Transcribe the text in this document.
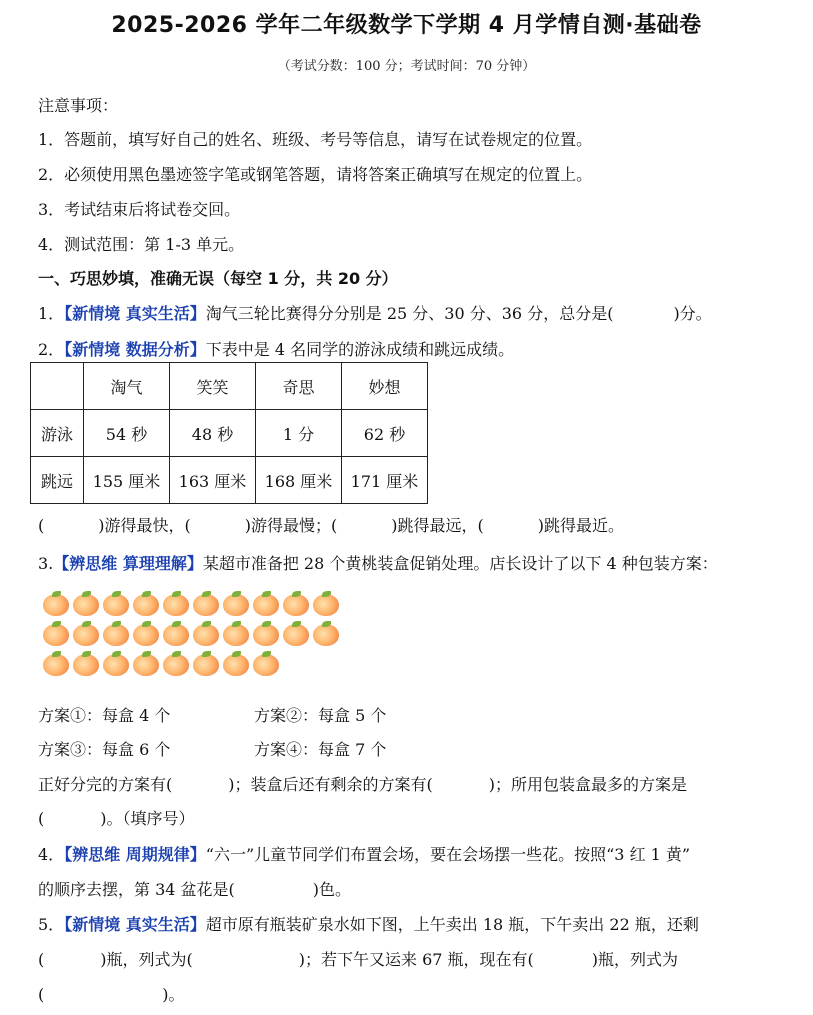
2025-2026 学年二年级数学下学期 4 月学情自测·基础卷
（考试分数：100 分；考试时间：70 分钟）
注意事项：
1．答题前，填写好自己的姓名、班级、考号等信息，请写在试卷规定的位置。
2．必须使用黑色墨迹签字笔或钢笔答题，请将答案正确填写在规定的位置上。
3．考试结束后将试卷交回。
4．测试范围：第 1-3 单元。
一、巧思妙填，准确无误（每空 1 分，共 20 分）
1．【新情境 真实生活】淘气三轮比赛得分分别是 25 分、30 分、36 分，总分是(	)分。
2．【新情境 数据分析】下表中是 4 名同学的游泳成绩和跳远成绩。
	淘气	笑笑	奇思	妙想
游泳	54 秒	48 秒	1 分	62 秒
跳远	155 厘米	163 厘米	168 厘米	171 厘米
(	)游得最快，(	)游得最慢；(	)跳得最远，(	)跳得最近。
3.【辨思维 算理理解】某超市准备把 28 个黄桃装盒促销处理。店长设计了以下 4 种包装方案：
方案①：每盒 4 个	方案②：每盒 5 个
方案③：每盒 6 个	方案④：每盒 7 个
正好分完的方案有(	)；装盒后还有剩余的方案有(	)；所用包装盒最多的方案是
(	)。（填序号）
4．【辨思维 周期规律】“六一”儿童节同学们布置会场，要在会场摆一些花。按照“3 红 1 黄”
的顺序去摆，第 34 盆花是(	)色。
5．【新情境 真实生活】超市原有瓶装矿泉水如下图，上午卖出 18 瓶，下午卖出 22 瓶，还剩
(	)瓶，列式为(	)；若下午又运来 67 瓶，现在有(	)瓶，列式为
(	)。
